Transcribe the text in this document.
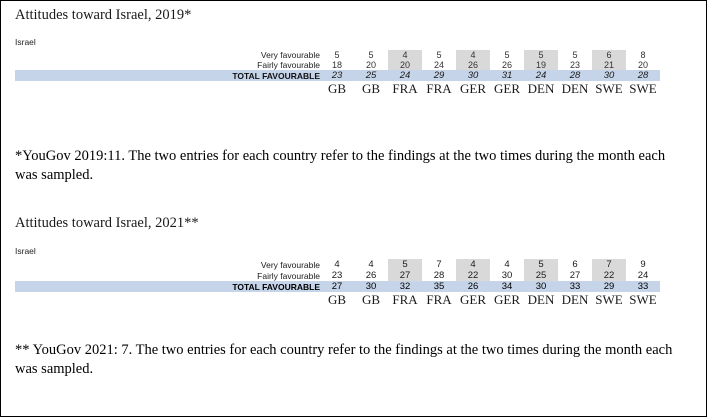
Attitudes toward Israel, 2019*
Israel
Very favourable	5	5	4	5	4	5	5	5	6	8
Fairly favourable	18	20	20	24	26	26	19	23	21	20
TOTAL FAVOURABLE	23	25	24	29	30	31	24	28	30	28
	GB	GB	FRA	FRA	GER	GER	DEN	DEN	SWE	SWE
*YouGov 2019:11. The two entries for each country refer to the findings at the two times during the month each was sampled.
Attitudes toward Israel, 2021**
Israel
Very favourable	4	4	5	7	4	4	5	6	7	9
Fairly favourable	23	26	27	28	22	30	25	27	22	24
TOTAL FAVOURABLE	27	30	32	35	26	34	30	33	29	33
	GB	GB	FRA	FRA	GER	GER	DEN	DEN	SWE	SWE
** YouGov 2021: 7. The two entries for each country refer to the findings at the two times during the month each was sampled.
